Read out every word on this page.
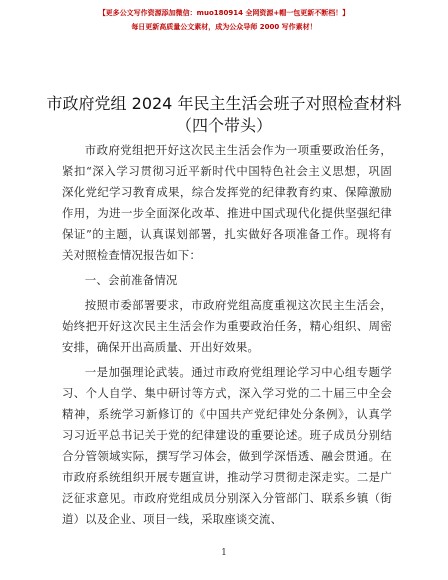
【更多公文写作资源添加微信：muo180914 全网资源+帽一包更新不断档！】
每日更新高质量公文素材，成为公众导师 2000 写作素材！
市政府党组 2024 年民主生活会班子对照检查材料（四个带头）

市政府党组把开好这次民主生活会作为一项重要政治任务，紧扣“深入学习贯彻习近平新时代中国特色社会主义思想，巩固深化党纪学习教育成果，综合发挥党的纪律教育约束、保障激励作用，为进一步全面深化改革、推进中国式现代化提供坚强纪律保证”的主题，认真谋划部署，扎实做好各项准备工作。现将有关对照检查情况报告如下：

一、会前准备情况

按照市委部署要求，市政府党组高度重视这次民主生活会，始终把开好这次民主生活会作为重要政治任务，精心组织、周密安排，确保开出高质量、开出好效果。

一是加强理论武装。通过市政府党组理论学习中心组专题学习、个人自学、集中研讨等方式，深入学习党的二十届三中全会精神，系统学习新修订的《中国共产党纪律处分条例》，认真学习习近平总书记关于党的纪律建设的重要论述。班子成员分别结合分管领域实际，撰写学习体会，做到学深悟透、融会贯通。在市政府系统组织开展专题宣讲，推动学习贯彻走深走实。二是广泛征求意见。市政府党组成员分别深入分管部门、联系乡镇（街道）以及企业、项目一线，采取座谈交流、

1
